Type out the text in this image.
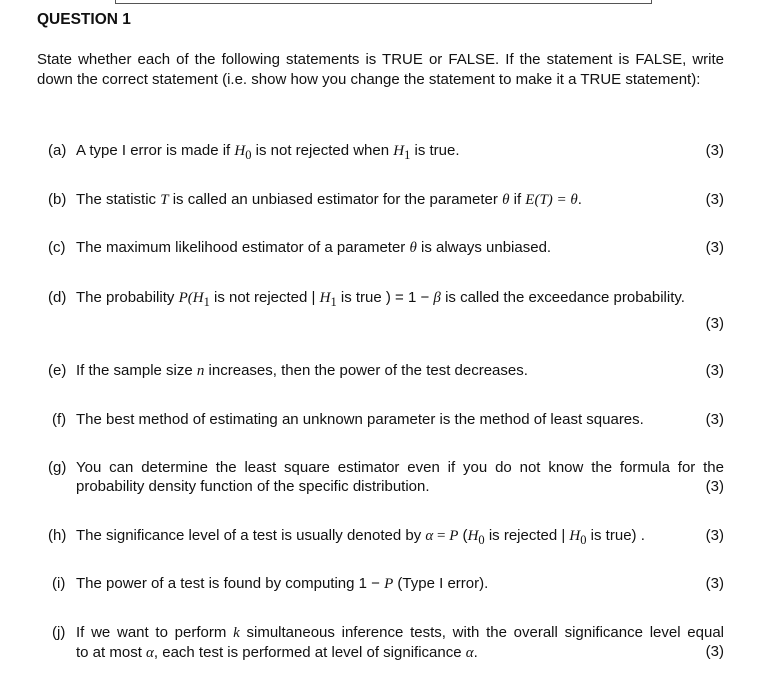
QUESTION 1

State whether each of the following statements is TRUE or FALSE. If the statement is FALSE, write down the correct statement (i.e. show how you change the statement to make it a TRUE statement):

(a) A type I error is made if $H_0$ is not rejected when $H_1$ is true.	(3)
(b) The statistic T is called an unbiased estimator for the parameter θ if E(T) = θ.	(3)
(c) The maximum likelihood estimator of a parameter θ is always unbiased.	(3)
(d) The probability $P(H_1$ is not rejected | $H_1$ is true ) = 1 − β is called the exceedance probability.
(3)
(e) If the sample size n increases, then the power of the test decreases.	(3)
(f) The best method of estimating an unknown parameter is the method of least squares.	(3)
(g) You can determine the least square estimator even if you do not know the formula for the
probability density function of the specific distribution.	(3)
(h) The significance level of a test is usually denoted by α = P ($H_0$ is rejected | $H_0$ is true) .	(3)
(i) The power of a test is found by computing 1 − P (Type I error).	(3)
(j) If we want to perform k simultaneous inference tests, with the overall significance level equal
to at most α, each test is performed at level of significance α.	(3)
